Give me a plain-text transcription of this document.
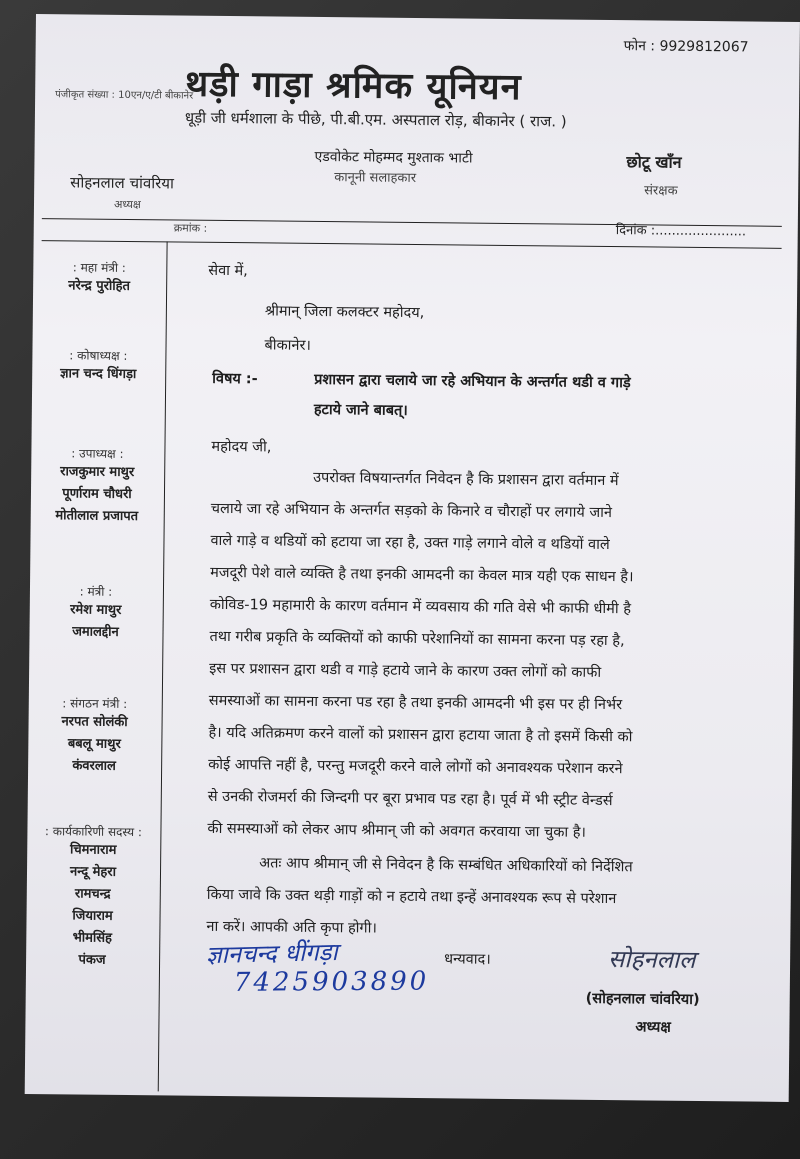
फोन : 9929812067
पंजीकृत संख्या : 10एन/ए/टी बीकानेर
थड़ी गाड़ा श्रमिक यूनियन
धूड़ी जी धर्मशाला के पीछे, पी.बी.एम. अस्पताल रोड़, बीकानेर ( राज. )
एडवोकेट मोहम्मद मुश्ताक भाटी
कानूनी सलाहकार
छोटू खाँन
संरक्षक
सोहनलाल चांवरिया
अध्यक्ष
क्रमांक :	दिनांक :......................
: महा मंत्री :
नरेन्द्र पुरोहित
: कोषाध्यक्ष :
ज्ञान चन्द धिंगड़ा
: उपाध्यक्ष :
राजकुमार माथुर
पूर्णाराम चौधरी
मोतीलाल प्रजापत
: मंत्री :
रमेश माथुर
जमालद्दीन
: संगठन मंत्री :
नरपत सोलंकी
बबलू माथुर
कंवरलाल
: कार्यकारिणी सदस्य :
चिमनाराम
नन्दू मेहरा
रामचन्द्र
जियाराम
भीमसिंह
पंकज
सेवा में,
श्रीमान् जिला कलक्टर महोदय,
बीकानेर।
विषय :-	प्रशासन द्वारा चलाये जा रहे अभियान के अन्तर्गत थडी व गाड़े
हटाये जाने बाबत्।
महोदय जी,
उपरोक्त विषयान्तर्गत निवेदन है कि प्रशासन द्वारा वर्तमान में
चलाये जा रहे अभियान के अन्तर्गत सड़को के किनारे व चौराहों पर लगाये जाने
वाले गाड़े व थडियों को हटाया जा रहा है, उक्त गाड़े लगाने वोले व थडियों वाले
मजदूरी पेशे वाले व्यक्ति है तथा इनकी आमदनी का केवल मात्र यही एक साधन है।
कोविड-19 महामारी के कारण वर्तमान में व्यवसाय की गति वेसे भी काफी धीमी है
तथा गरीब प्रकृति के व्यक्तियों को काफी परेशानियों का सामना करना पड़ रहा है,
इस पर प्रशासन द्वारा थडी व गाड़े हटाये जाने के कारण उक्त लोगों को काफी
समस्याओं का सामना करना पड रहा है तथा इनकी आमदनी भी इस पर ही निर्भर
है। यदि अतिक्रमण करने वालों को प्रशासन द्वारा हटाया जाता है तो इसमें किसी को
कोई आपत्ति नहीं है, परन्तु मजदूरी करने वाले लोगों को अनावश्यक परेशान करने
से उनकी रोजमर्रा की जिन्दगी पर बूरा प्रभाव पड रहा है। पूर्व में भी स्ट्रीट वेन्डर्स
की समस्याओं को लेकर आप श्रीमान् जी को अवगत करवाया जा चुका है।
अतः आप श्रीमान् जी से निवेदन है कि सम्बंधित अधिकारियों को निर्देशित
किया जावे कि उक्त थड़ी गाड़ों को न हटाये तथा इन्हें अनावश्यक रूप से परेशान
ना करें। आपकी अति कृपा होगी।
धन्यवाद।
(सोहनलाल चांवरिया)
अध्यक्ष
ज्ञानचन्द धींगड़ा
7425903890
सोहनलाल
